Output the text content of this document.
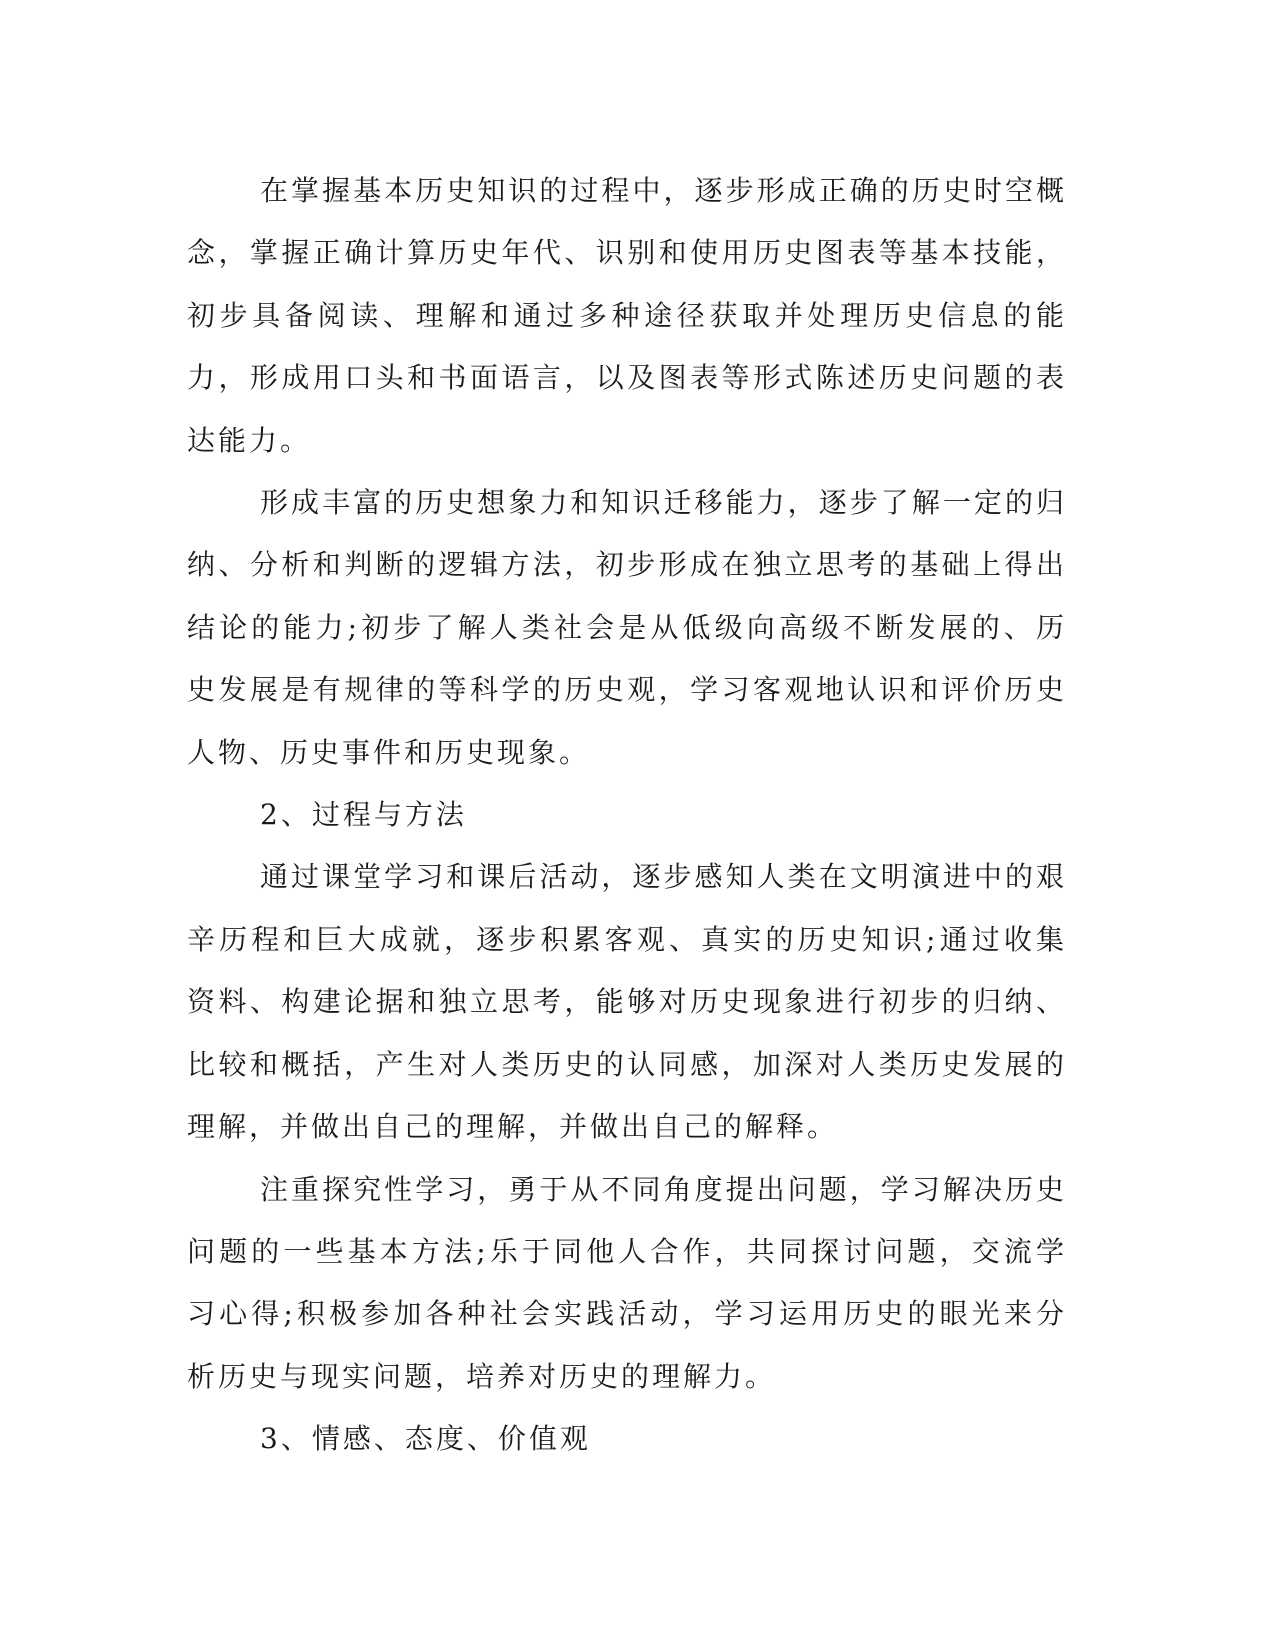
在掌握基本历史知识的过程中，逐步形成正确的历史时空概念，掌握正确计算历史年代、识别和使用历史图表等基本技能，初步具备阅读、理解和通过多种途径获取并处理历史信息的能力，形成用口头和书面语言，以及图表等形式陈述历史问题的表达能力。

形成丰富的历史想象力和知识迁移能力，逐步了解一定的归纳、分析和判断的逻辑方法，初步形成在独立思考的基础上得出结论的能力;初步了解人类社会是从低级向高级不断发展的、历史发展是有规律的等科学的历史观，学习客观地认识和评价历史人物、历史事件和历史现象。

2、过程与方法

通过课堂学习和课后活动，逐步感知人类在文明演进中的艰辛历程和巨大成就，逐步积累客观、真实的历史知识;通过收集资料、构建论据和独立思考，能够对历史现象进行初步的归纳、比较和概括，产生对人类历史的认同感，加深对人类历史发展的理解，并做出自己的理解，并做出自己的解释。

注重探究性学习，勇于从不同角度提出问题，学习解决历史问题的一些基本方法;乐于同他人合作，共同探讨问题，交流学习心得;积极参加各种社会实践活动，学习运用历史的眼光来分析历史与现实问题，培养对历史的理解力。

3、情感、态度、价值观
